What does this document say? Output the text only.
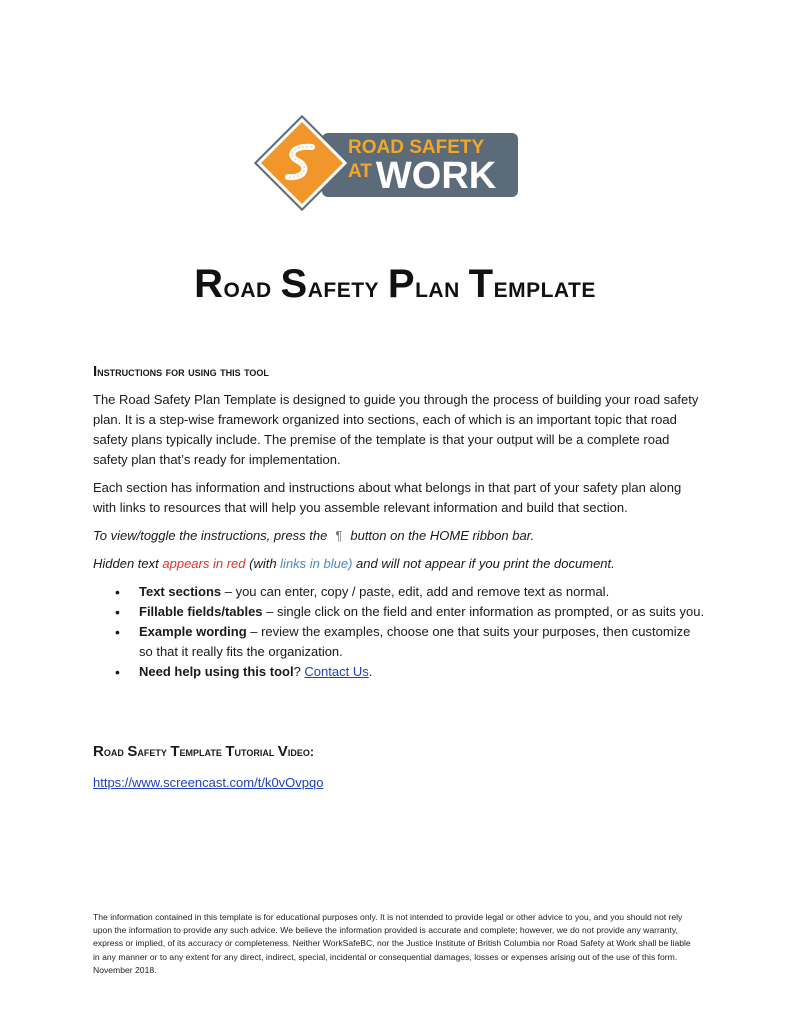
ROAD SAFETY
AT WORK
Road Safety Plan Template
Instructions for using this tool
The Road Safety Plan Template is designed to guide you through the process of building your road safety plan. It is a step-wise framework organized into sections, each of which is an important topic that road safety plans typically include. The premise of the template is that your output will be a complete road safety plan that’s ready for implementation.
Each section has information and instructions about what belongs in that part of your safety plan along with links to resources that will help you assemble relevant information and build that section.
To view/toggle the instructions, press the ¶ button on the HOME ribbon bar.
Hidden text appears in red (with links in blue) and will not appear if you print the document.
• Text sections – you can enter, copy / paste, edit, add and remove text as normal.
• Fillable fields/tables – single click on the field and enter information as prompted, or as suits you.
• Example wording – review the examples, choose one that suits your purposes, then customize so that it really fits the organization.
• Need help using this tool? Contact Us.
Road Safety Template Tutorial Video:
https://www.screencast.com/t/k0vOvpqo
The information contained in this template is for educational purposes only. It is not intended to provide legal or other advice to you, and you should not rely upon the information to provide any such advice. We believe the information provided is accurate and complete; however, we do not provide any warranty, express or implied, of its accuracy or completeness. Neither WorkSafeBC, nor the Justice Institute of British Columbia nor Road Safety at Work shall be liable in any manner or to any extent for any direct, indirect, special, incidental or consequential damages, losses or expenses arising out of the use of this form. November 2018.
